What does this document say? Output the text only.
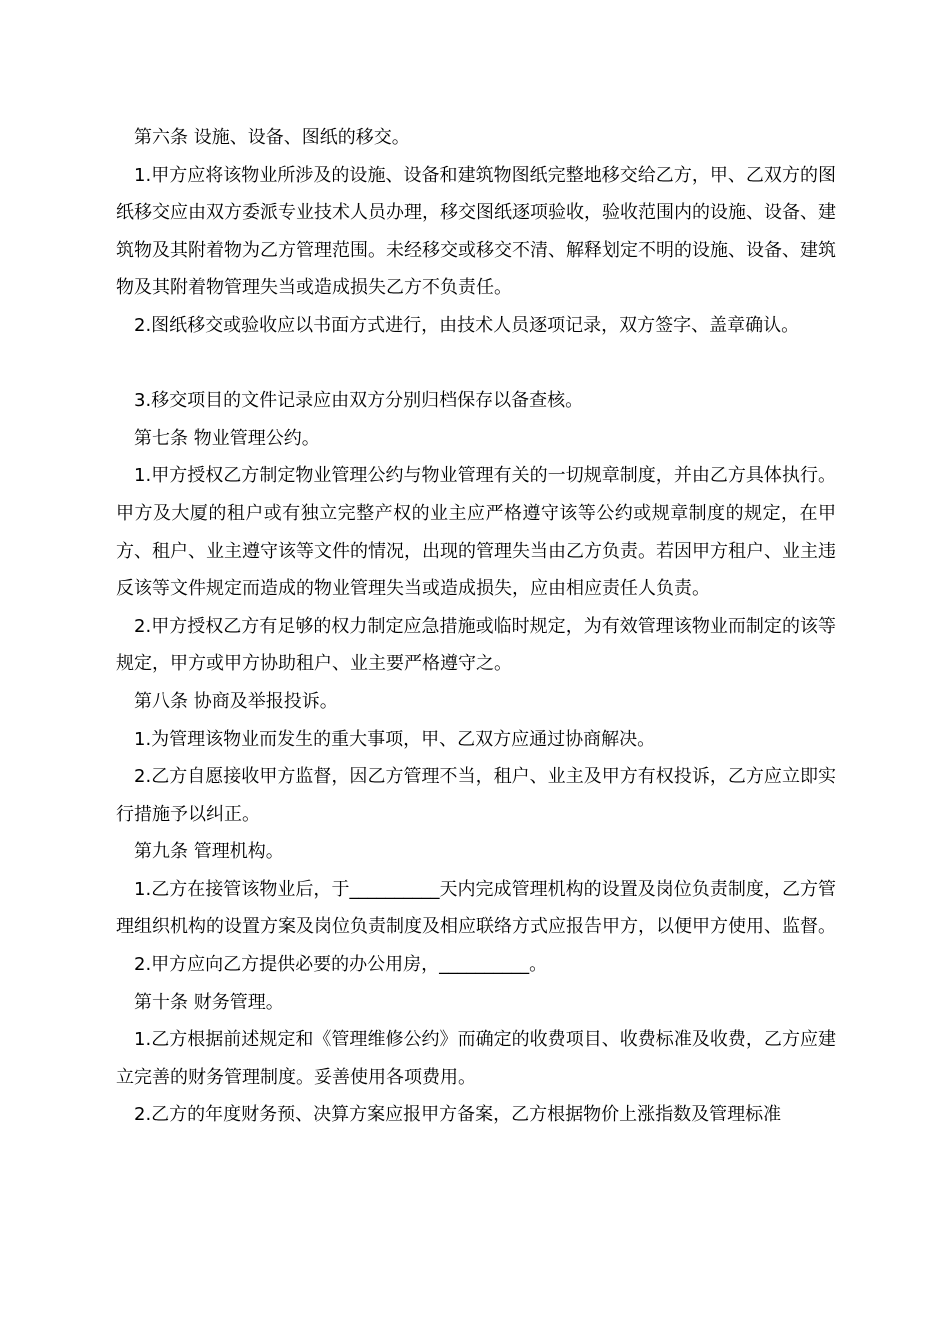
第六条 设施、设备、图纸的移交。

1.甲方应将该物业所涉及的设施、设备和建筑物图纸完整地移交给乙方，甲、乙双方的图纸移交应由双方委派专业技术人员办理，移交图纸逐项验收，验收范围内的设施、设备、建筑物及其附着物为乙方管理范围。未经移交或移交不清、解释划定不明的设施、设备、建筑物及其附着物管理失当或造成损失乙方不负责任。

2.图纸移交或验收应以书面方式进行，由技术人员逐项记录，双方签字、盖章确认。

3.移交项目的文件记录应由双方分别归档保存以备查核。

第七条 物业管理公约。

1.甲方授权乙方制定物业管理公约与物业管理有关的一切规章制度，并由乙方具体执行。甲方及大厦的租户或有独立完整产权的业主应严格遵守该等公约或规章制度的规定，在甲方、租户、业主遵守该等文件的情况，出现的管理失当由乙方负责。若因甲方租户、业主违反该等文件规定而造成的物业管理失当或造成损失，应由相应责任人负责。

2.甲方授权乙方有足够的权力制定应急措施或临时规定，为有效管理该物业而制定的该等规定，甲方或甲方协助租户、业主要严格遵守之。

第八条 协商及举报投诉。

1.为管理该物业而发生的重大事项，甲、乙双方应通过协商解决。

2.乙方自愿接收甲方监督，因乙方管理不当，租户、业主及甲方有权投诉，乙方应立即实行措施予以纠正。

第九条 管理机构。

1.乙方在接管该物业后，于__________天内完成管理机构的设置及岗位负责制度，乙方管理组织机构的设置方案及岗位负责制度及相应联络方式应报告甲方，以便甲方使用、监督。

2.甲方应向乙方提供必要的办公用房，__________。

第十条 财务管理。

1.乙方根据前述规定和《管理维修公约》而确定的收费项目、收费标准及收费，乙方应建立完善的财务管理制度。妥善使用各项费用。

2.乙方的年度财务预、决算方案应报甲方备案，乙方根据物价上涨指数及管理标准
